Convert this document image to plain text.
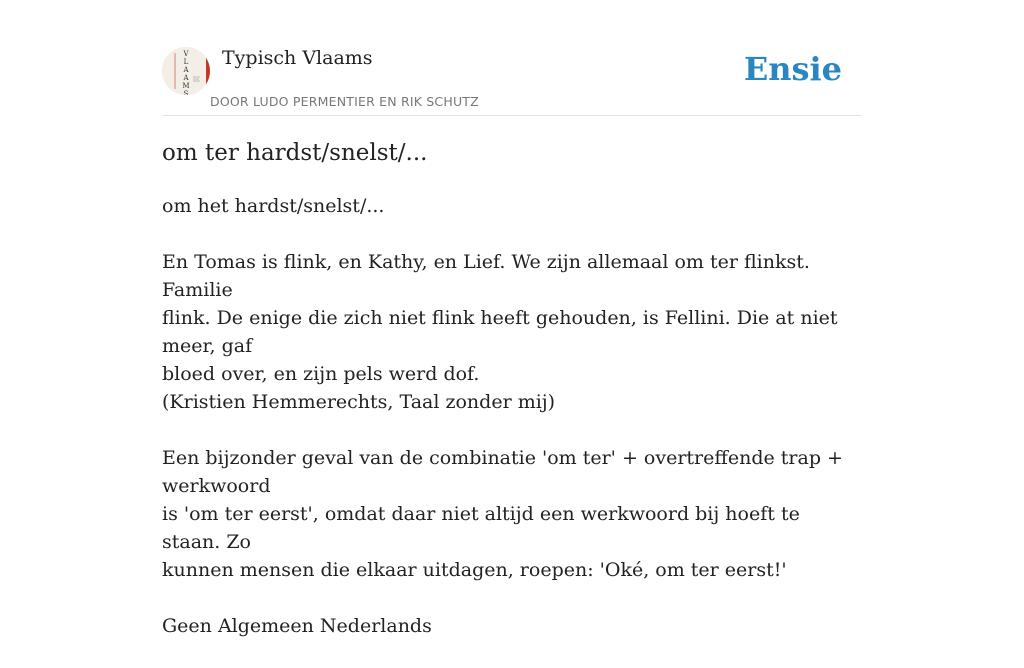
V
L
A
A
M
S
Typisch Vlaams
DOOR LUDO PERMENTIER EN RIK SCHUTZ
Ensie
om ter hardst/snelst/...

om het hardst/snelst/...

En Tomas is flink, en Kathy, en Lief. We zijn allemaal om ter flinkst. Familie
flink. De enige die zich niet flink heeft gehouden, is Fellini. Die at niet meer, gaf
bloed over, en zijn pels werd dof.
(Kristien Hemmerechts, Taal zonder mij)

Een bijzonder geval van de combinatie 'om ter' + overtreffende trap + werkwoord
is 'om ter eerst', omdat daar niet altijd een werkwoord bij hoeft te staan. Zo
kunnen mensen die elkaar uitdagen, roepen: 'Oké, om ter eerst!'

Geen Algemeen Nederlands
